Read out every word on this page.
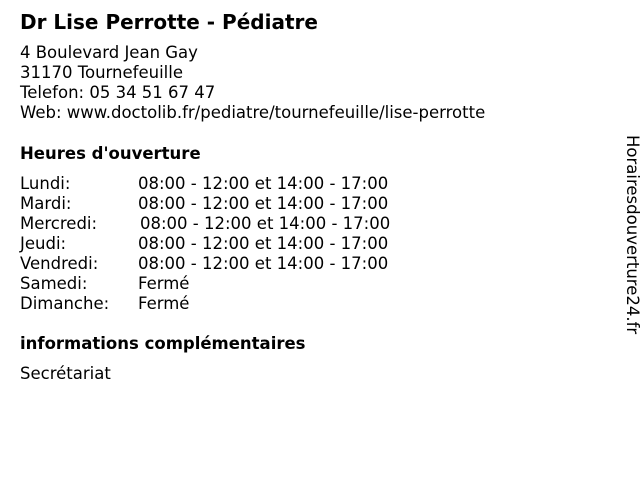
Dr Lise Perrotte - Pédiatre
4 Boulevard Jean Gay
31170 Tournefeuille
Telefon: 05 34 51 67 47
Web: www.doctolib.fr/pediatre/tournefeuille/lise-perrotte
Heures d'ouverture
Lundi:	08:00 - 12:00 et 14:00 - 17:00
Mardi:	08:00 - 12:00 et 14:00 - 17:00
Mercredi:	08:00 - 12:00 et 14:00 - 17:00
Jeudi:	08:00 - 12:00 et 14:00 - 17:00
Vendredi: 08:00 - 12:00 et 14:00 - 17:00
Samedi:	Fermé
Dimanche: Fermé
informations complémentaires
Secrétariat
Horairesdouverture24.fr
